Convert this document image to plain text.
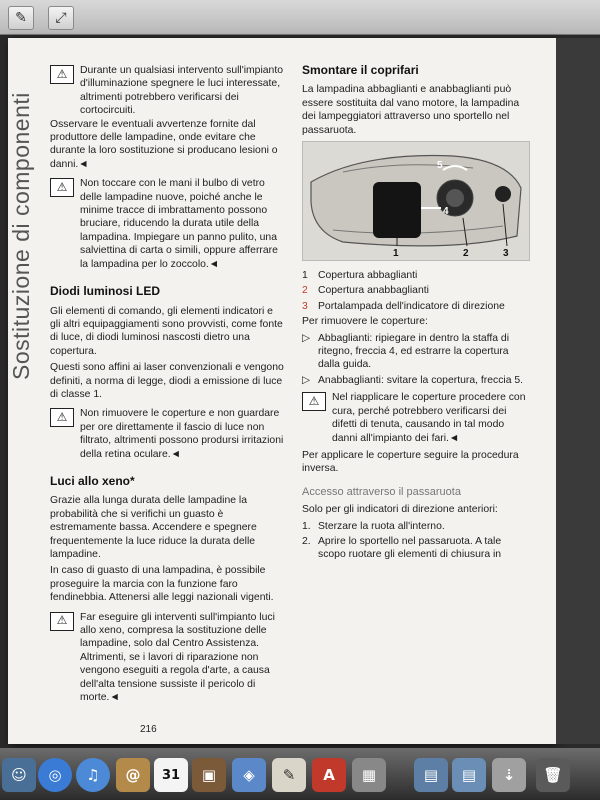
✎	⤢
Sostituzione di componenti
⚠	Durante un qualsiasi intervento sull'impianto d'illuminazione spegnere le luci interessate, altrimenti potrebbero verificarsi dei cortocircuiti.

Osservare le eventuali avvertenze fornite dal produttore delle lampadine, onde evitare che durante la loro sostituzione si producano lesioni o danni.◄

⚠	Non toccare con le mani il bulbo di vetro delle lampadine nuove, poiché anche le minime tracce di imbrattamento possono bruciare, riducendo la durata utile della lampadina. Impiegare un panno pulito, una salviettina di carta o simili, oppure afferrare la lampadina per lo zoccolo.◄
Diodi luminosi LED

Gli elementi di comando, gli elementi indicatori e gli altri equipaggiamenti sono provvisti, come fonte di luce, di diodi luminosi nascosti dietro una copertura.

Questi sono affini ai laser convenzionali e vengono definiti, a norma di legge, diodi a emissione di luce di classe 1.

⚠	Non rimuovere le coperture e non guardare per ore direttamente il fascio di luce non filtrato, altrimenti possono prodursi irritazioni della retina oculare.◄
Luci allo xeno*

Grazie alla lunga durata delle lampadine la probabilità che si verifichi un guasto è estremamente bassa. Accendere e spegnere frequentemente la luce riduce la durata delle lampadine.

In caso di guasto di una lampadina, è possibile proseguire la marcia con la funzione faro fendinebbia. Attenersi alle leggi nazionali vigenti.

⚠	Far eseguire gli interventi sull'impianto luci allo xeno, compresa la sostituzione delle lampadine, solo dal Centro Assistenza. Altrimenti, se i lavori di riparazione non vengono eseguiti a regola d'arte, a causa dell'alta tensione sussiste il pericolo di morte.◄
Smontare il coprifari

La lampadina abbaglianti e anabbaglianti può essere sostituita dal vano motore, la lampadina dei lampeggiatori attraverso uno sportello nel passaruota.

1	2	3
4
5
1 Copertura abbaglianti
2 Copertura anabbaglianti
3 Portalampada dell'indicatore di direzione

Per rimuovere le coperture:

▷ Abbaglianti: ripiegare in dentro la staffa di ritegno, freccia 4, ed estrarre la copertura dalla guida.
▷ Anabbaglianti: svitare la copertura, freccia 5.
⚠	Nel riapplicare le coperture procedere con cura, perché potrebbero verificarsi dei difetti di tenuta, causando in tal modo danni all'impianto dei fari.◄

Per applicare le coperture seguire la procedura inversa.

Accesso attraverso il passaruota

Solo per gli indicatori di direzione anteriori:

1. Sterzare la ruota all'interno.
2. Aprire lo sportello nel passaruota. A tale scopo ruotare gli elementi di chiusura in
216
☺	◎	♫	@	31	▣	◈	✎	A	▦	▤	▤	⇣	🗑
